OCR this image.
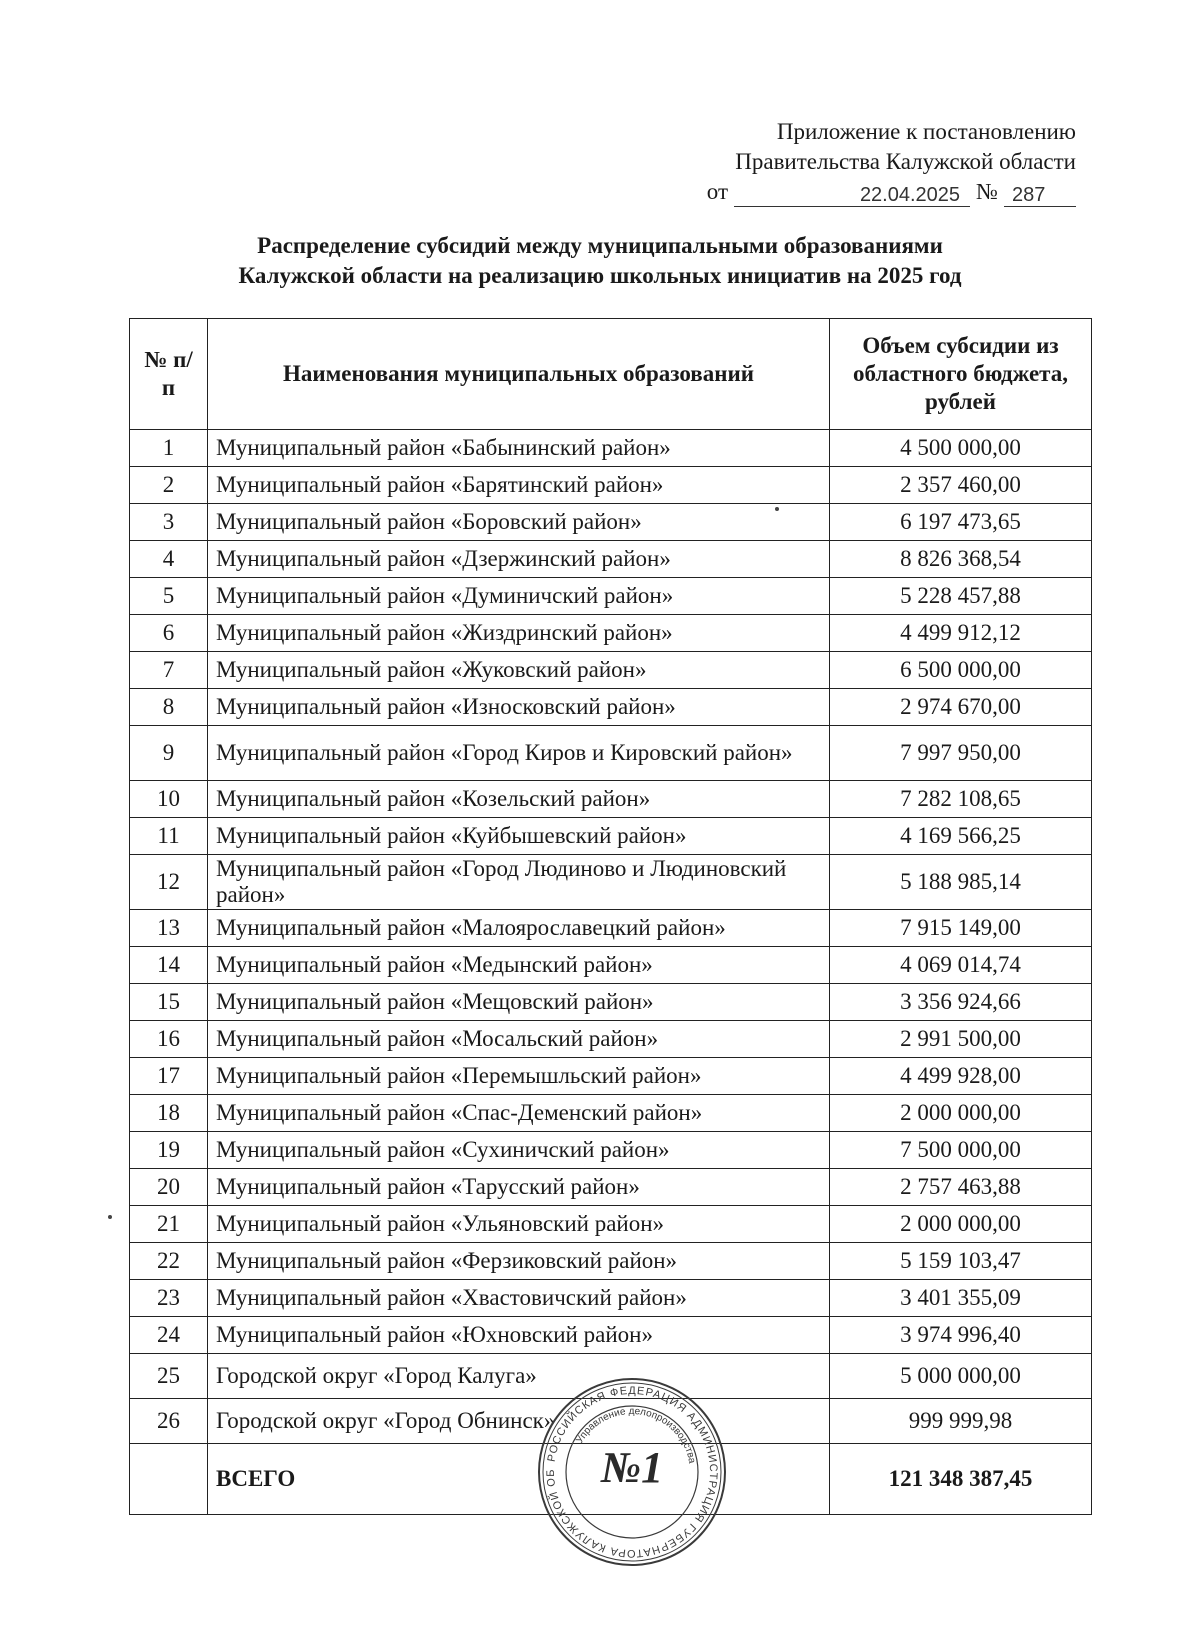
Приложение к постановлению
Правительства Калужской области
от	22.04.2025 № 287
Распределение субсидий между муниципальными образованиями
Калужской области на реализацию школьных инициатив на 2025 год
№ п/п	Наименования муниципальных образований	Объем субсидии из областного бюджета, рублей
1	Муниципальный район «Бабынинский район»	4 500 000,00
2	Муниципальный район «Барятинский район»	2 357 460,00
3	Муниципальный район «Боровский район»	6 197 473,65
4	Муниципальный район «Дзержинский район»	8 826 368,54
5	Муниципальный район «Думиничский район»	5 228 457,88
6	Муниципальный район «Жиздринский район»	4 499 912,12
7	Муниципальный район «Жуковский район»	6 500 000,00
8	Муниципальный район «Износковский район»	2 974 670,00
9	Муниципальный район «Город Киров и Кировский район»	7 997 950,00
10	Муниципальный район «Козельский район»	7 282 108,65
11	Муниципальный район «Куйбышевский район»	4 169 566,25
12	Муниципальный район «Город Людиново и Людиновский район»	5 188 985,14
13	Муниципальный район «Малоярославецкий район»	7 915 149,00
14	Муниципальный район «Медынский район»	4 069 014,74
15	Муниципальный район «Мещовский район»	3 356 924,66
16	Муниципальный район «Мосальский район»	2 991 500,00
17	Муниципальный район «Перемышльский район»	4 499 928,00
18	Муниципальный район «Спас-Деменский район»	2 000 000,00
19	Муниципальный район «Сухиничский район»	7 500 000,00
20	Муниципальный район «Тарусский район»	2 757 463,88
21	Муниципальный район «Ульяновский район»	2 000 000,00
22	Муниципальный район «Ферзиковский район»	5 159 103,47
23	Муниципальный район «Хвастовичский район»	3 401 355,09
24	Муниципальный район «Юхновский район»	3 974 996,40
25	Городской округ «Город Калуга»	5 000 000,00
26	Городской округ «Город Обнинск»	999 999,98
	ВСЕГО	121 348 387,45
РОССИЙСКАЯ ФЕДЕРАЦИЯ АДМИНИСТРАЦИЯ ГУБЕРНАТОРА КАЛУЖСКОЙ ОБ
Управление делопроизводства
№1
